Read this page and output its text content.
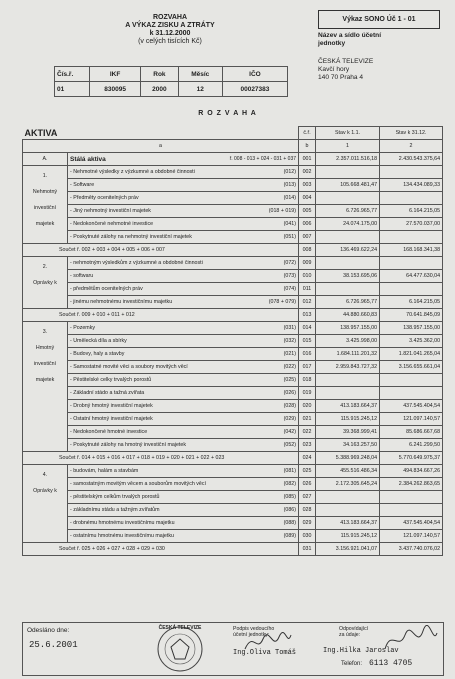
ROZVAHA
A VÝKAZ ZISKU A ZTRÁTY
k 31.12.2000
(v celých tisících Kč)
Výkaz SONO Úč 1 - 01
Název a sídlo účetní
jednotky
ČESKÁ TELEVIZE
Kavčí hory
140 70 Praha 4
Čís.ř.	IKF	Rok	Měsíc	IČO
01	830095	2000	12	00027383
R O Z V A H A
AKTIVA			č.ř.	Stav k 1.1.	Stav k 31.12.
a			b	1	2
A.	Stálá aktiva ř. 008 - 013 + 024 - 031 + 037		001	2.357.011.516,18	2.430.543.375,64

1.
Nehmotný
investiční
majetek	- Nehmotné výsledky z výzkumné a obdobné činnosti	(012)	002		
	- Software	(013)	003	105.668.481,47	134.434.089,33
	- Předměty ocenitelných práv	(014)	004		
	- Jiný nehmotný investiční majetek	(018 + 019)	005	6.726.965,77	6.164.215,05
	- Nedokončené nehmotné investice	(041)	006	24.074.175,00	27.570.037,00
	- Poskytnuté zálohy na nehmotný investiční majetek	(051)	007		
Součet ř. 002 + 003 + 004 + 005 + 006 + 007			008	136.469.622,24	168.168.341,38

2.
Oprávky k	- nehmotným výsledkům z výzkumné a obdobné činnosti	(072)	009		
	- softwaru	(073)	010	38.153.695,06	64.477.630,04
	- předmětům ocenitelných práv	(074)	011		
	- jinému nehmotnému investičnímu majetku	(078 + 079)	012	6.726.965,77	6.164.215,05
Součet ř. 009 + 010 + 011 + 012			013	44.880.660,83	70.641.845,09

3.
Hmotný
investiční
majetek	- Pozemky	(031)	014	138.957.155,00	138.957.155,00
	- Umělecká díla a sbírky	(032)	015	3.425.998,00	3.425.362,00
	- Budovy, haly a stavby	(021)	016	1.684.111.201,32	1.821.041.265,04
	- Samostatné movité věci a soubory movitých věcí	(022)	017	2.959.843.727,32	3.156.655.661,04
	- Pěstitelské celky trvalých porostů	(025)	018		
	- Základní stádo a tažná zvířata	(026)	019		
	- Drobný hmotný investiční majetek	(028)	020	413.183.664,37	437.545.404,54
	- Ostatní hmotný investiční majetek	(029)	021	115.915.245,12	121.097.140,57
	- Nedokončené hmotné investice	(042)	022	39.368.999,41	85.686.667,68
	- Poskytnuté zálohy na hmotný investiční majetek	(052)	023	34.163.257,50	6.241.299,50
Součet ř. 014 + 015 + 016 + 017 + 018 + 019 + 020 + 021 + 022 + 023			024	5.388.969.248,04	5.770.649.975,37

4.
Oprávky k	- budovám, halám a stavbám	(081)	025	455.516.486,34	494.834.667,26
	- samostatným movitým věcem a souborům movitých věcí	(082)	026	2.172.305.645,24	2.384.262.863,65
	- pěstitelským celkům trvalých porostů	(085)	027		
	- základnímu stádu a tažným zvířatům	(086)	028		
	- drobnému hmotnému investičnímu majetku	(088)	029	413.183.664,37	437.545.404,54
	- ostatnímu hmotnému investičnímu majetku	(089)	030	115.915.245,12	121.097.140,57
Součet ř. 025 + 026 + 027 + 028 + 029 + 030			031	3.156.921.041,07	3.437.740.076,02
Odesláno dne:
25.6.2001
ČESKÁ TELEVIZE	Podpis vedoucího
účetní jednotky:
Ing.Oliva Tomáš
Odpovídající
za údaje:
Ing.Hilka Jaroslav
Telefon: 6113 4705
